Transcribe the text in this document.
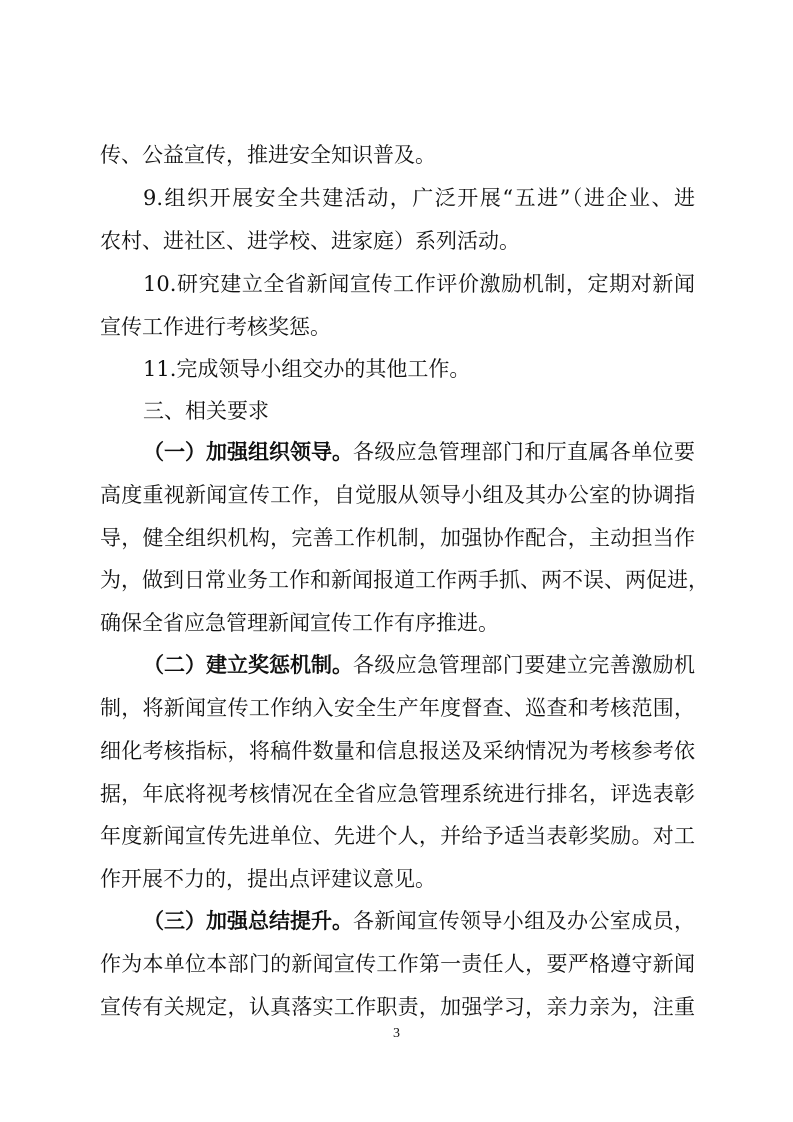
传、公益宣传，推进安全知识普及。
9.组织开展安全共建活动，广泛开展“五进”（进企业、进
农村、进社区、进学校、进家庭）系列活动。
10.研究建立全省新闻宣传工作评价激励机制，定期对新闻
宣传工作进行考核奖惩。
11.完成领导小组交办的其他工作。
三、相关要求
（一）加强组织领导。 各级应急管理部门和厅直属各单位要
高度重视新闻宣传工作，自觉服从领导小组及其办公室的协调指
导，健全组织机构，完善工作机制，加强协作配合，主动担当作
为，做到日常业务工作和新闻报道工作两手抓、两不误、两促进，
确保全省应急管理新闻宣传工作有序推进。
（二）建立奖惩机制。 各级应急管理部门要建立完善激励机
制，将新闻宣传工作纳入安全生产年度督查、巡查和考核范围，
细化考核指标，将稿件数量和信息报送及采纳情况为考核参考依
据，年底将视考核情况在全省应急管理系统进行排名，评选表彰
年度新闻宣传先进单位、先进个人，并给予适当表彰奖励。对工
作开展不力的，提出点评建议意见。
（三）加强总结提升。 各新闻宣传领导小组及办公室成员，
作为本单位本部门的新闻宣传工作第一责任人，要严格遵守新闻
宣传有关规定，认真落实工作职责，加强学习，亲力亲为，注重
3
